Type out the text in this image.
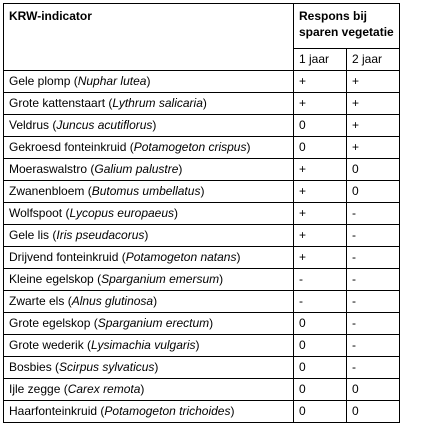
KRW-indicator	Respons bij sparen vegetatie	
	1 jaar	2 jaar
Gele plomp (Nuphar lutea)	+	+
Grote kattenstaart (Lythrum salicaria)	+	+
Veldrus (Juncus acutiflorus)	0	+
Gekroesd fonteinkruid (Potamogeton crispus)	0	+
Moeraswalstro (Galium palustre)	+	0
Zwanenbloem (Butomus umbellatus)	+	0
Wolfspoot (Lycopus europaeus)	+	-
Gele lis (Iris pseudacorus)	+	-
Drijvend fonteinkruid (Potamogeton natans)	+	-
Kleine egelskop (Sparganium emersum)	-	-
Zwarte els (Alnus glutinosa)	-	-
Grote egelskop (Sparganium erectum)	0	-
Grote wederik (Lysimachia vulgaris)	0	-
Bosbies (Scirpus sylvaticus)	0	-
Ijle zegge (Carex remota)	0	0
Haarfonteinkruid (Potamogeton trichoides)	0	0
